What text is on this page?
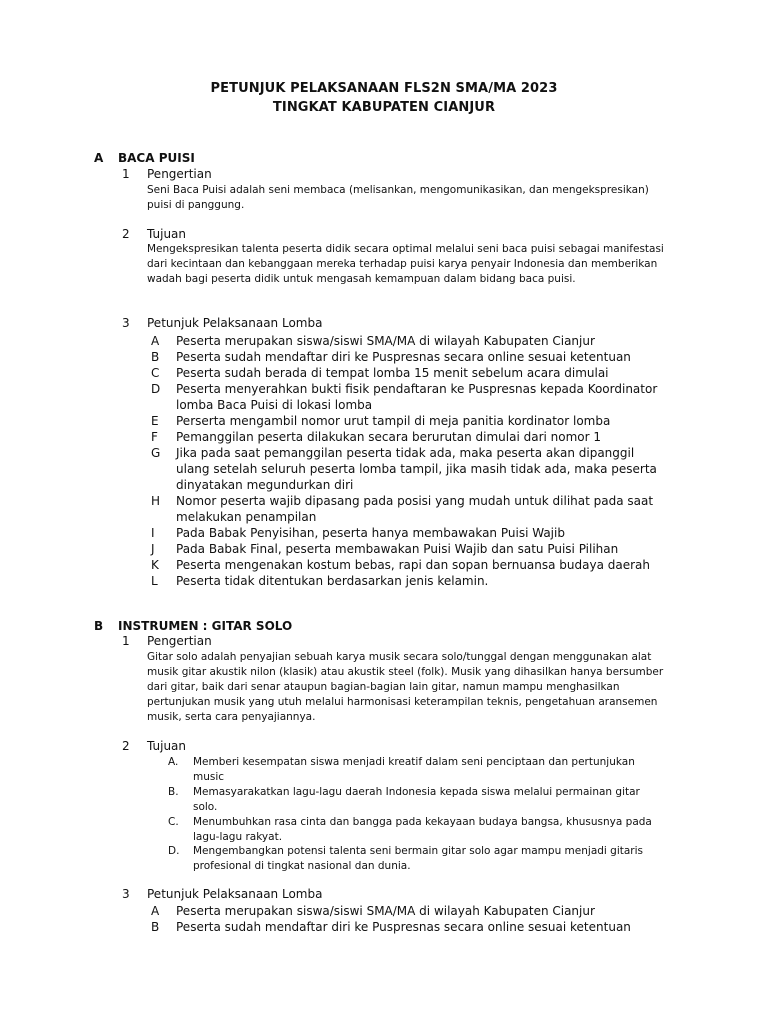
PETUNJUK PELAKSANAAN FLS2N SMA/MA 2023
TINGKAT KABUPATEN CIANJUR
A BACA PUISI
1 Pengertian
Seni Baca Puisi adalah seni membaca (melisankan, mengomunikasikan, dan mengekspresikan) puisi di panggung.
2 Tujuan
Mengekspresikan talenta peserta didik secara optimal melalui seni baca puisi sebagai manifestasi dari kecintaan dan kebanggaan mereka terhadap puisi karya penyair Indonesia dan memberikan wadah bagi peserta didik untuk mengasah kemampuan dalam bidang baca puisi.
3 Petunjuk Pelaksanaan Lomba
A Peserta merupakan siswa/siswi SMA/MA di wilayah Kabupaten Cianjur
B Peserta sudah mendaftar diri ke Puspresnas secara online sesuai ketentuan
C Peserta sudah berada di tempat lomba 15 menit sebelum acara dimulai
D Peserta menyerahkan bukti fisik pendaftaran ke Puspresnas kepada Koordinator lomba Baca Puisi di lokasi lomba
E Perserta mengambil nomor urut tampil di meja panitia kordinator lomba
F Pemanggilan peserta dilakukan secara berurutan dimulai dari nomor 1
G Jika pada saat pemanggilan peserta tidak ada, maka peserta akan dipanggil ulang setelah seluruh peserta lomba tampil, jika masih tidak ada, maka peserta dinyatakan megundurkan diri
H Nomor peserta wajib dipasang pada posisi yang mudah untuk dilihat pada saat melakukan penampilan
I Pada Babak Penyisihan, peserta hanya membawakan Puisi Wajib
J Pada Babak Final, peserta membawakan Puisi Wajib dan satu Puisi Pilihan
K Peserta mengenakan kostum bebas, rapi dan sopan bernuansa budaya daerah
L Peserta tidak ditentukan berdasarkan jenis kelamin.
B INSTRUMEN : GITAR SOLO
1 Pengertian
Gitar solo adalah penyajian sebuah karya musik secara solo/tunggal dengan menggunakan alat musik gitar akustik nilon (klasik) atau akustik steel (folk). Musik yang dihasilkan hanya bersumber dari gitar, baik dari senar ataupun bagian-bagian lain gitar, namun mampu menghasilkan pertunjukan musik yang utuh melalui harmonisasi keterampilan teknis, pengetahuan aransemen musik, serta cara penyajiannya.
2 Tujuan
A. Memberi kesempatan siswa menjadi kreatif dalam seni penciptaan dan pertunjukan music
B. Memasyarakatkan lagu-lagu daerah Indonesia kepada siswa melalui permainan gitar solo.
C. Menumbuhkan rasa cinta dan bangga pada kekayaan budaya bangsa, khususnya pada lagu-lagu rakyat.
D. Mengembangkan potensi talenta seni bermain gitar solo agar mampu menjadi gitaris profesional di tingkat nasional dan dunia.
3 Petunjuk Pelaksanaan Lomba
A Peserta merupakan siswa/siswi SMA/MA di wilayah Kabupaten Cianjur
B Peserta sudah mendaftar diri ke Puspresnas secara online sesuai ketentuan
